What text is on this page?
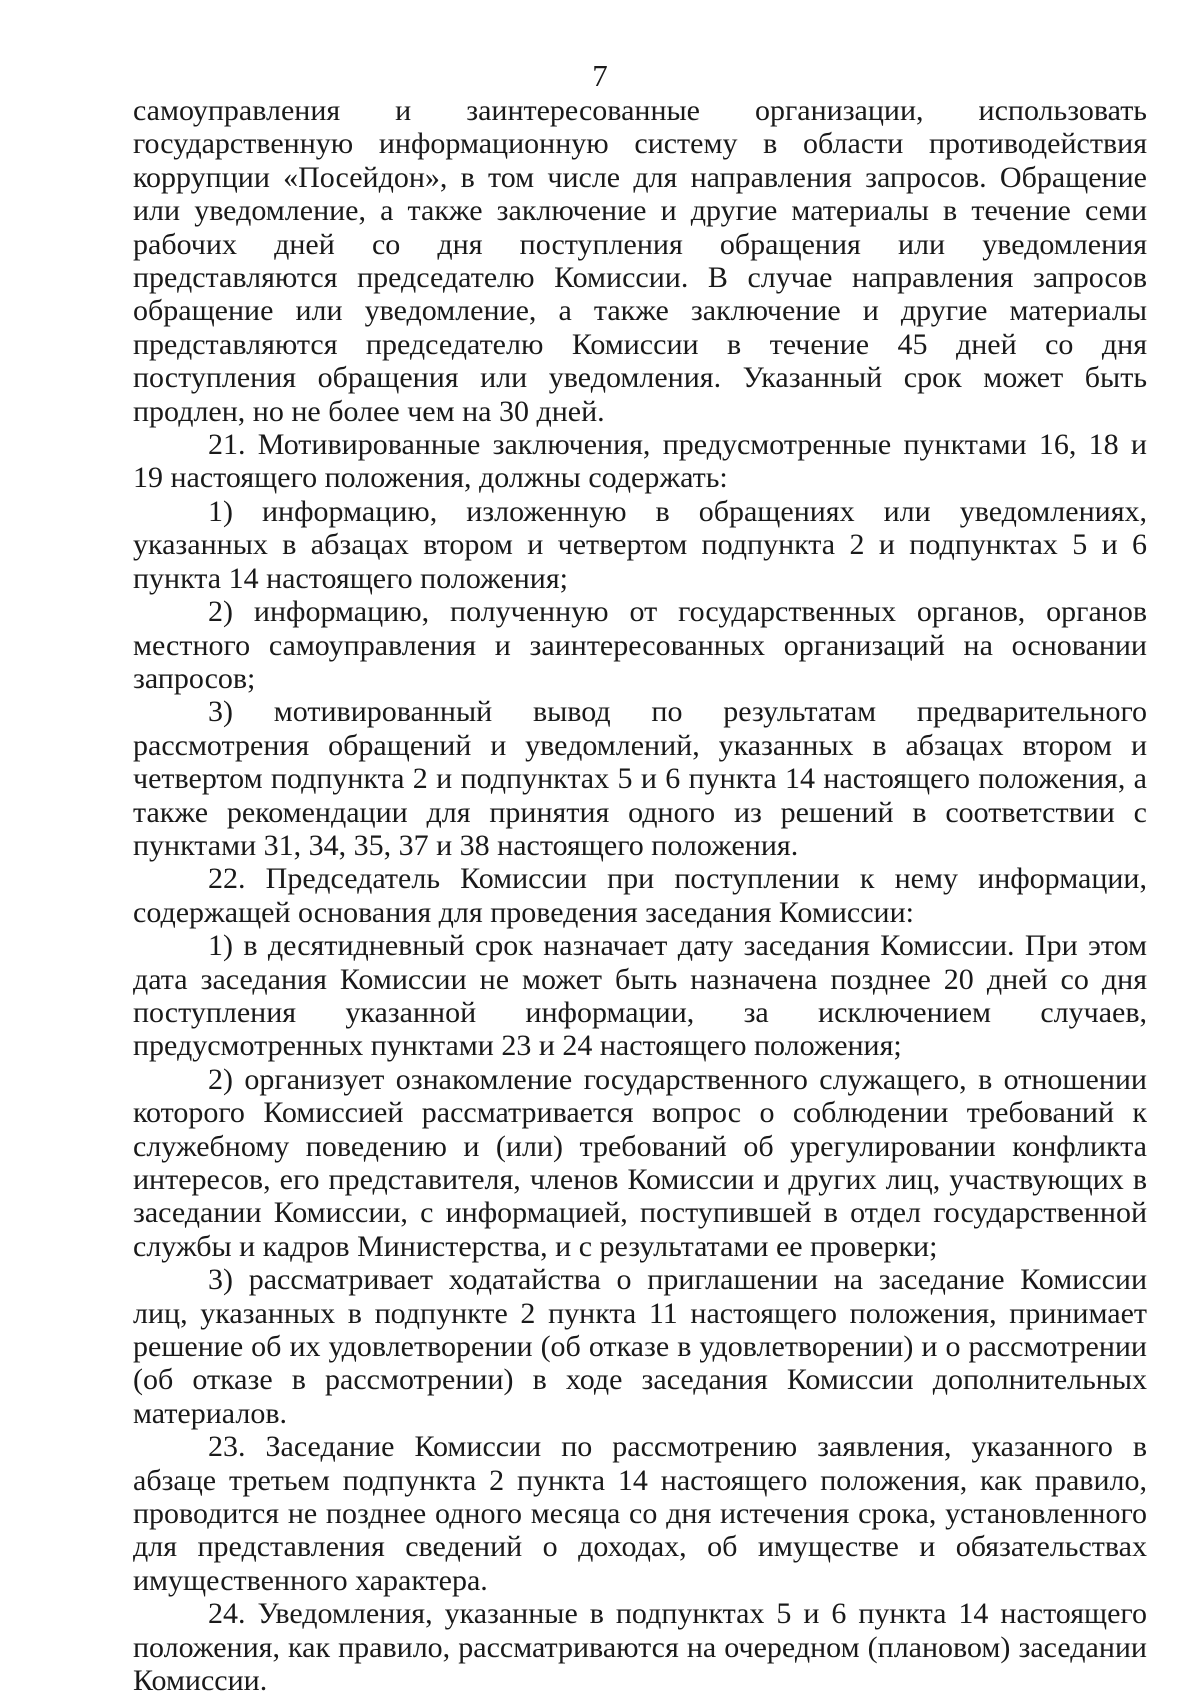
7

самоуправления и заинтересованные организации, использовать государственную информационную систему в области противодействия коррупции «Посейдон», в том числе для направления запросов. Обращение или уведомление, а также заключение и другие материалы в течение семи рабочих дней со дня поступления обращения или уведомления представляются председателю Комиссии. В случае направления запросов обращение или уведомление, а также заключение и другие материалы представляются председателю Комиссии в течение 45 дней со дня поступления обращения или уведомления. Указанный срок может быть продлен, но не более чем на 30 дней.

21. Мотивированные заключения, предусмотренные пунктами 16, 18 и 19 настоящего положения, должны содержать:

1) информацию, изложенную в обращениях или уведомлениях, указанных в абзацах втором и четвертом подпункта 2 и подпунктах 5 и 6 пункта 14 настоящего положения;

2) информацию, полученную от государственных органов, органов местного самоуправления и заинтересованных организаций на основании запросов;

3) мотивированный вывод по результатам предварительного рассмотрения обращений и уведомлений, указанных в абзацах втором и четвертом подпункта 2 и подпунктах 5 и 6 пункта 14 настоящего положения, а также рекомендации для принятия одного из решений в соответствии с пунктами 31, 34, 35, 37 и 38 настоящего положения.

22. Председатель Комиссии при поступлении к нему информации, содержащей основания для проведения заседания Комиссии:

1) в десятидневный срок назначает дату заседания Комиссии. При этом дата заседания Комиссии не может быть назначена позднее 20 дней со дня поступления указанной информации, за исключением случаев, предусмотренных пунктами 23 и 24 настоящего положения;

2) организует ознакомление государственного служащего, в отношении которого Комиссией рассматривается вопрос о соблюдении требований к служебному поведению и (или) требований об урегулировании конфликта интересов, его представителя, членов Комиссии и других лиц, участвующих в заседании Комиссии, с информацией, поступившей в отдел государственной службы и кадров Министерства, и с результатами ее проверки;

3) рассматривает ходатайства о приглашении на заседание Комиссии лиц, указанных в подпункте 2 пункта 11 настоящего положения, принимает решение об их удовлетворении (об отказе в удовлетворении) и о рассмотрении (об отказе в рассмотрении) в ходе заседания Комиссии дополнительных материалов.

23. Заседание Комиссии по рассмотрению заявления, указанного в абзаце третьем подпункта 2 пункта 14 настоящего положения, как правило, проводится не позднее одного месяца со дня истечения срока, установленного для представления сведений о доходах, об имуществе и обязательствах имущественного характера.

24. Уведомления, указанные в подпунктах 5 и 6 пункта 14 настоящего положения, как правило, рассматриваются на очередном (плановом) заседании Комиссии.
